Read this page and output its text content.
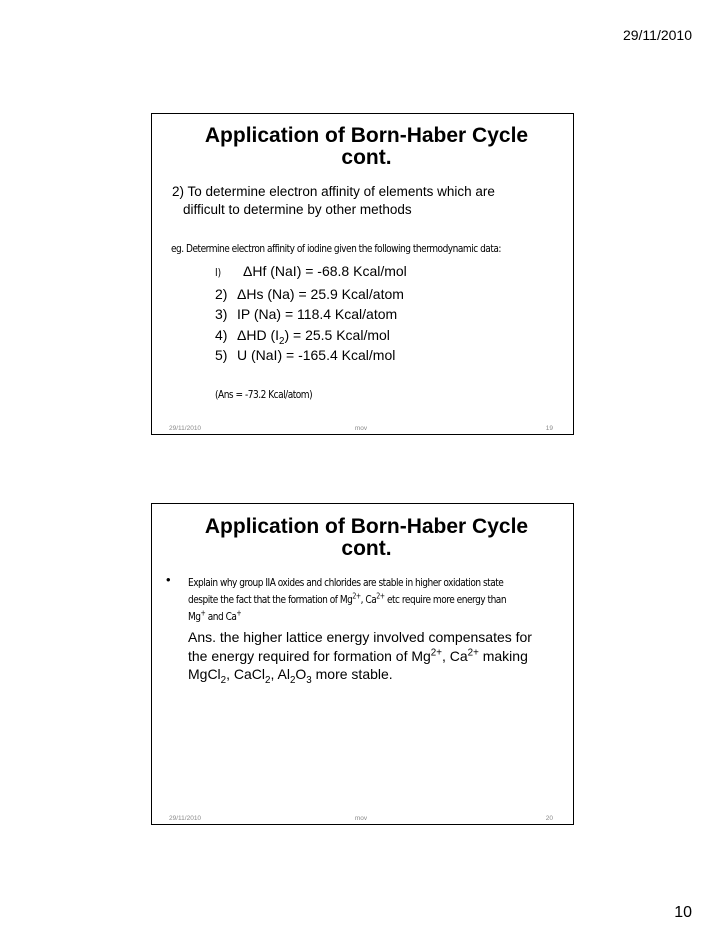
29/11/2010
Application of Born-Haber Cycle
cont.
2) To determine electron affinity of elements which are
difficult to determine by other methods
eg. Determine electron affinity of iodine given the following thermodynamic data:
I) ΔHf (NaI) = -68.8 Kcal/mol
2) ΔHs (Na) = 25.9 Kcal/atom
3) IP (Na) = 118.4 Kcal/atom
4) ΔHD $(I_2) = 25.5$ Kcal/mol
5) U (NaI) = -165.4 Kcal/mol
(Ans = -73.2 Kcal/atom)
29/11/2010	mov	19
Application of Born-Haber Cycle
cont.
• Explain why group IIA oxides and chlorides are stable in higher oxidation state
despite the fact that the formation of $Mg^{2+}$, $Ca^{2+}$ etc require more energy than
Mg+ and Ca+
Ans. the higher lattice energy involved compensates for
the energy required for formation of $Mg^{2+}$, $Ca^{2+}$ making
MgCl$_2$, CaCl$_2$, $Al_2O_3$ more stable.
29/11/2010	mov	20
10
